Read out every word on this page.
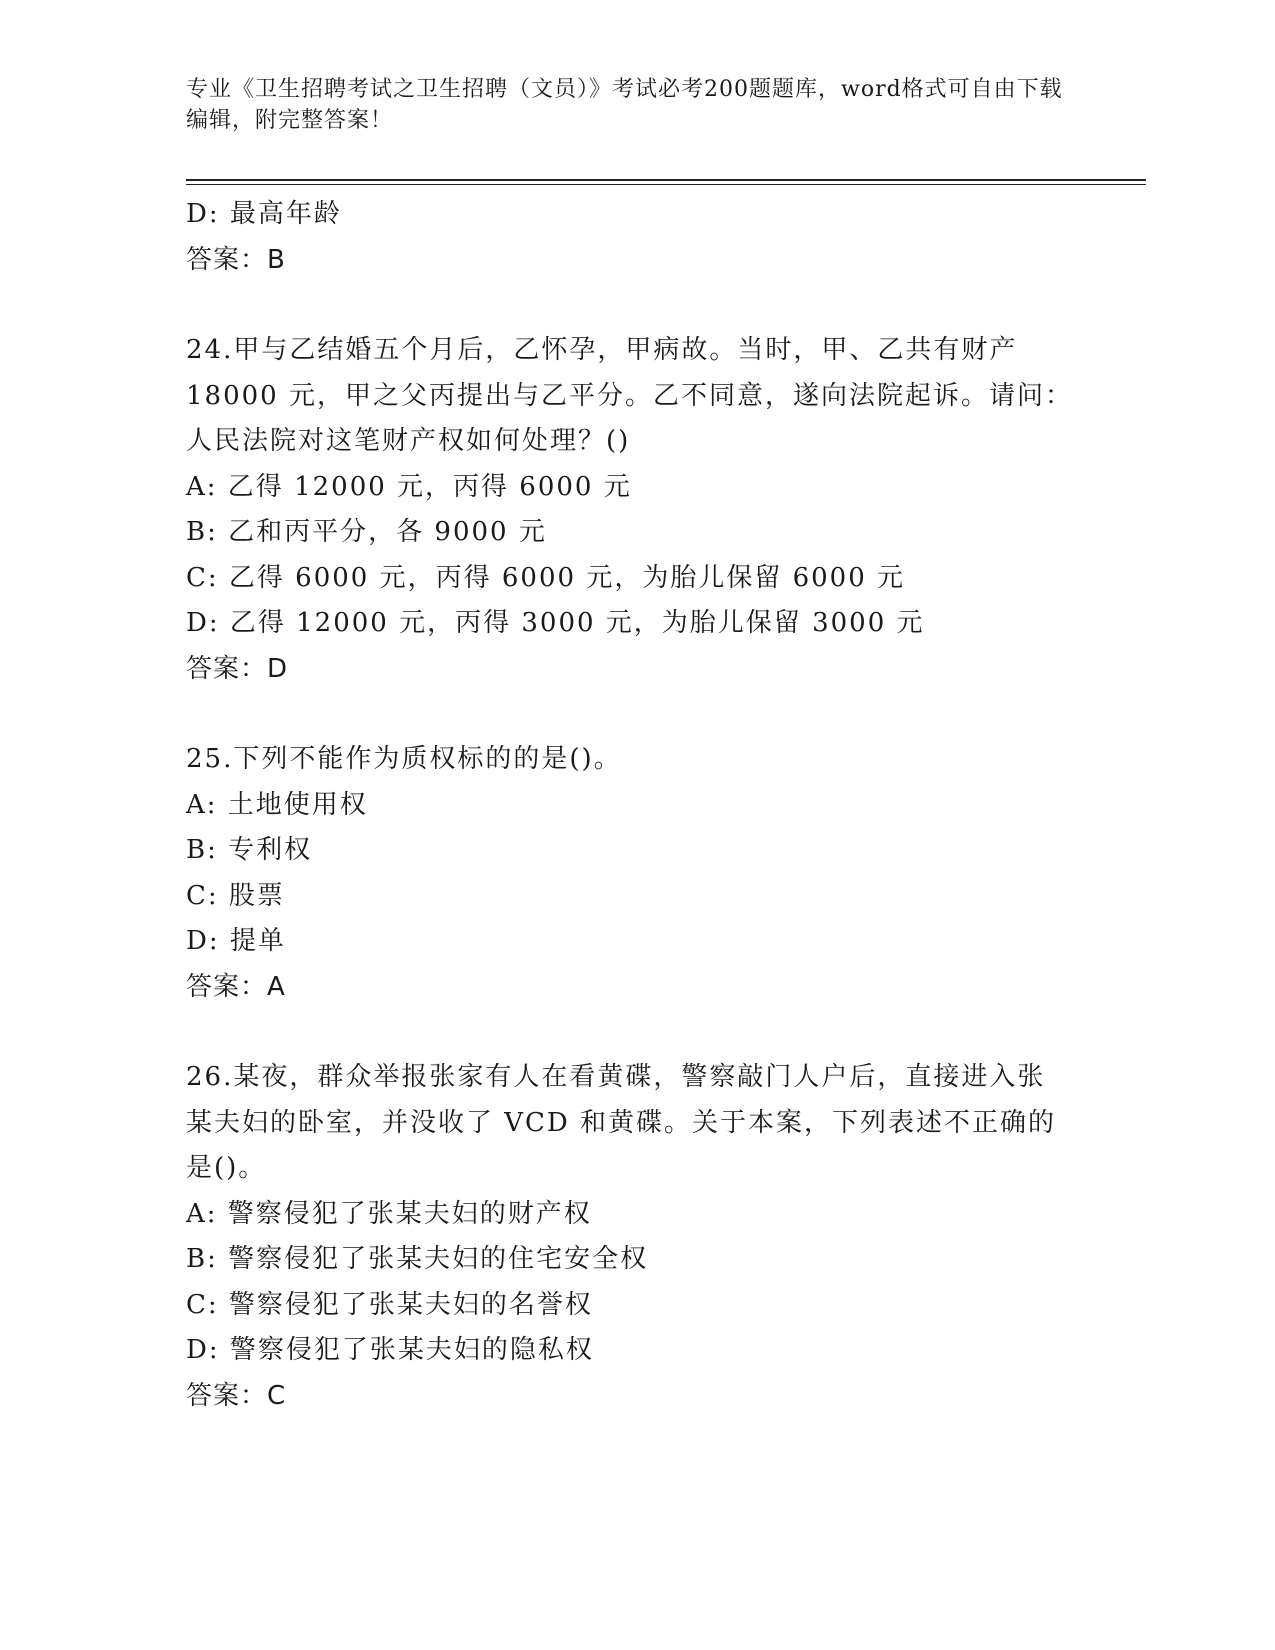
专业《卫生招聘考试之卫生招聘（文员）》考试必考200题题库，word格式可自由下载编辑，附完整答案！
D: 最高年龄
答案：B
24.甲与乙结婚五个月后，乙怀孕，甲病故。当时，甲、乙共有财产
18000 元，甲之父丙提出与乙平分。乙不同意，遂向法院起诉。请问：
人民法院对这笔财产权如何处理？()
A: 乙得 12000 元，丙得 6000 元
B: 乙和丙平分，各 9000 元
C: 乙得 6000 元，丙得 6000 元，为胎儿保留 6000 元
D: 乙得 12000 元，丙得 3000 元，为胎儿保留 3000 元
答案：D
25.下列不能作为质权标的的是()。
A: 土地使用权
B: 专利权
C: 股票
D: 提单
答案：A
26.某夜，群众举报张家有人在看黄碟，警察敲门人户后，直接进入张
某夫妇的卧室，并没收了 VCD 和黄碟。关于本案，下列表述不正确的
是()。
A: 警察侵犯了张某夫妇的财产权
B: 警察侵犯了张某夫妇的住宅安全权
C: 警察侵犯了张某夫妇的名誉权
D: 警察侵犯了张某夫妇的隐私权
答案：C
